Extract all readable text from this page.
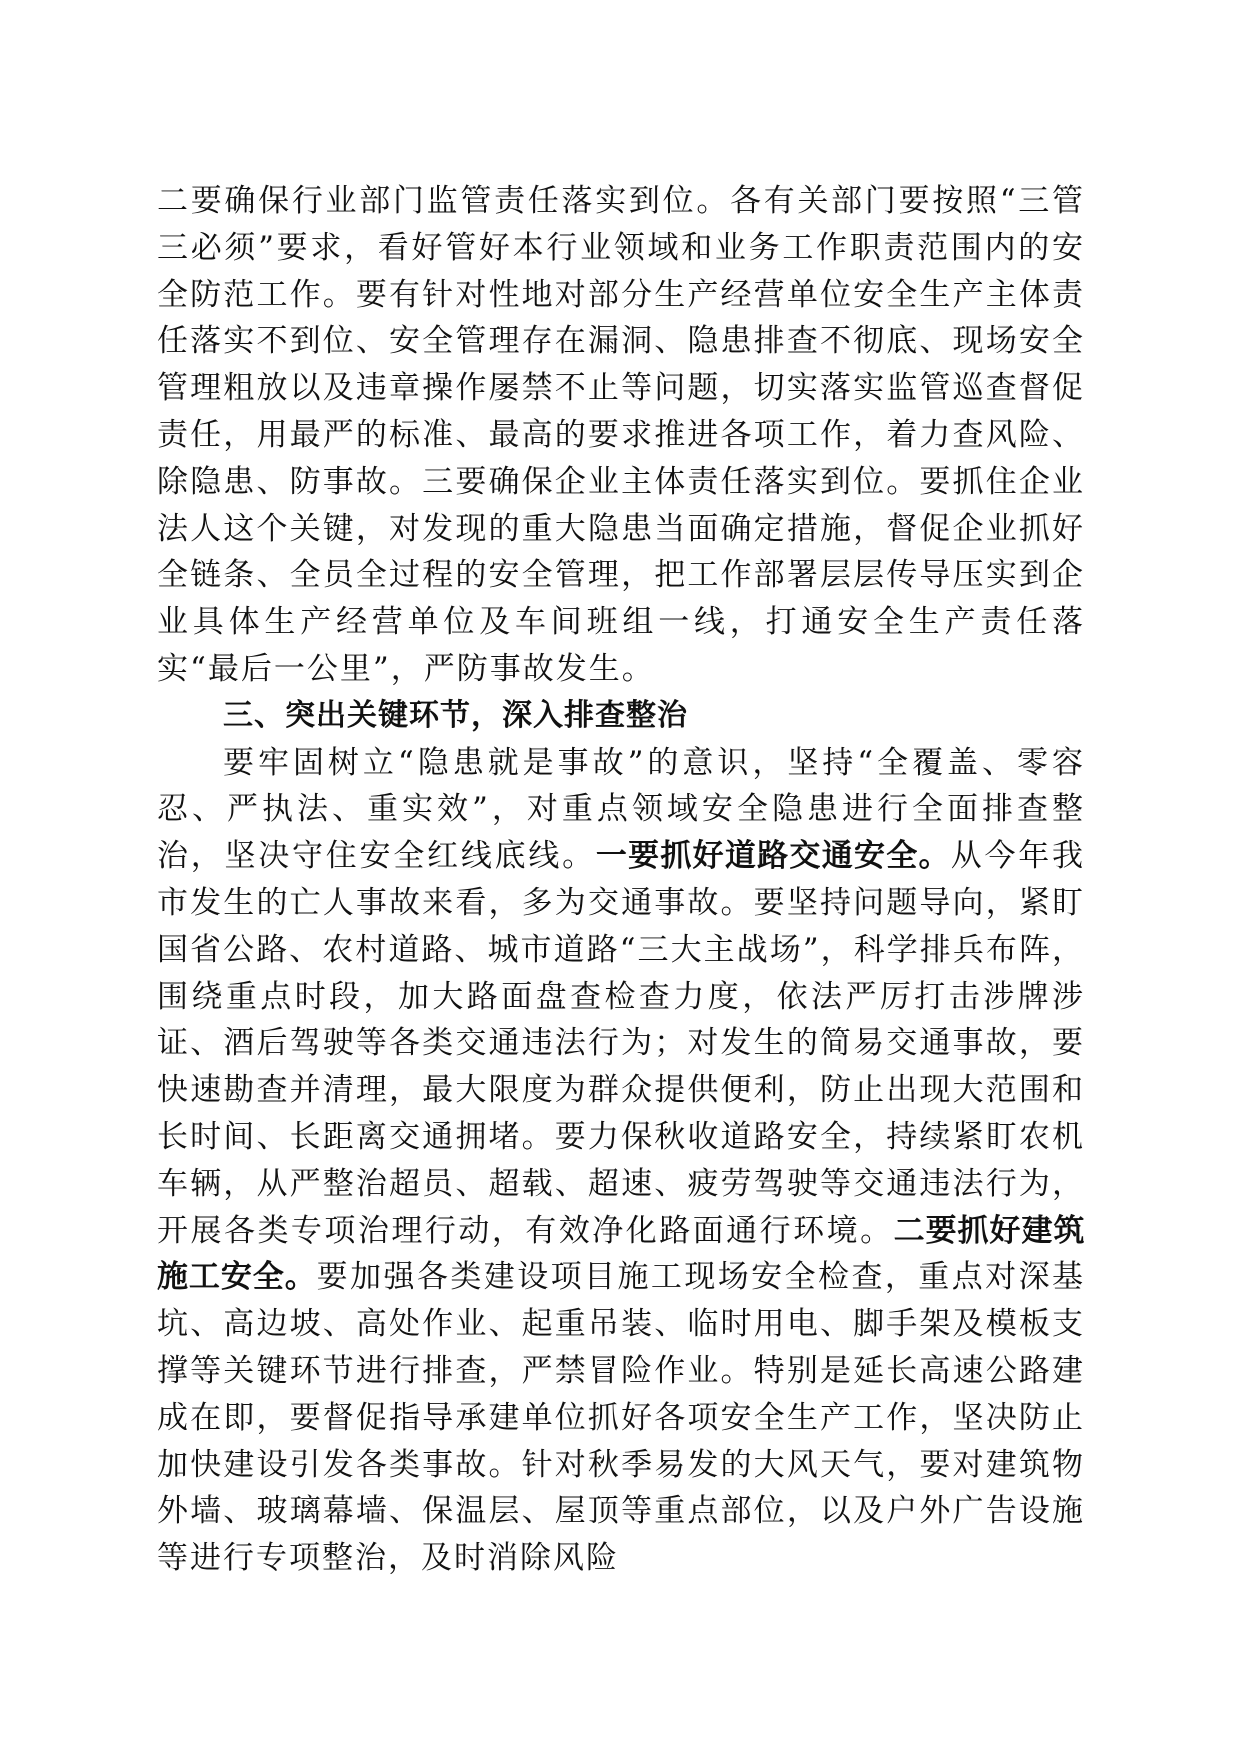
二要确保行业部门监管责任落实到位。各有关部门要按照“三管三必须”要求，看好管好本行业领域和业务工作职责范围内的安全防范工作。要有针对性地对部分生产经营单位安全生产主体责任落实不到位、安全管理存在漏洞、隐患排查不彻底、现场安全管理粗放以及违章操作屡禁不止等问题，切实落实监管巡查督促责任，用最严的标准、最高的要求推进各项工作，着力查风险、除隐患、防事故。三要确保企业主体责任落实到位。要抓住企业法人这个关键，对发现的重大隐患当面确定措施，督促企业抓好全链条、全员全过程的安全管理，把工作部署层层传导压实到企业具体生产经营单位及车间班组一线，打通安全生产责任落实“最后一公里”，严防事故发生。

三、突出关键环节，深入排查整治

要牢固树立“隐患就是事故”的意识，坚持“全覆盖、零容忍、严执法、重实效”，对重点领域安全隐患进行全面排查整治，坚决守住安全红线底线。一要抓好道路交通安全。从今年我市发生的亡人事故来看，多为交通事故。要坚持问题导向，紧盯国省公路、农村道路、城市道路“三大主战场”，科学排兵布阵，围绕重点时段，加大路面盘查检查力度，依法严厉打击涉牌涉证、酒后驾驶等各类交通违法行为；对发生的简易交通事故，要快速勘查并清理，最大限度为群众提供便利，防止出现大范围和长时间、长距离交通拥堵。要力保秋收道路安全，持续紧盯农机车辆，从严整治超员、超载、超速、疲劳驾驶等交通违法行为，开展各类专项治理行动，有效净化路面通行环境。二要抓好建筑施工安全。要加强各类建设项目施工现场安全检查，重点对深基坑、高边坡、高处作业、起重吊装、临时用电、脚手架及模板支撑等关键环节进行排查，严禁冒险作业。特别是延长高速公路建成在即，要督促指导承建单位抓好各项安全生产工作，坚决防止加快建设引发各类事故。针对秋季易发的大风天气，要对建筑物外墙、玻璃幕墙、保温层、屋顶等重点部位，以及户外广告设施等进行专项整治，及时消除风险
